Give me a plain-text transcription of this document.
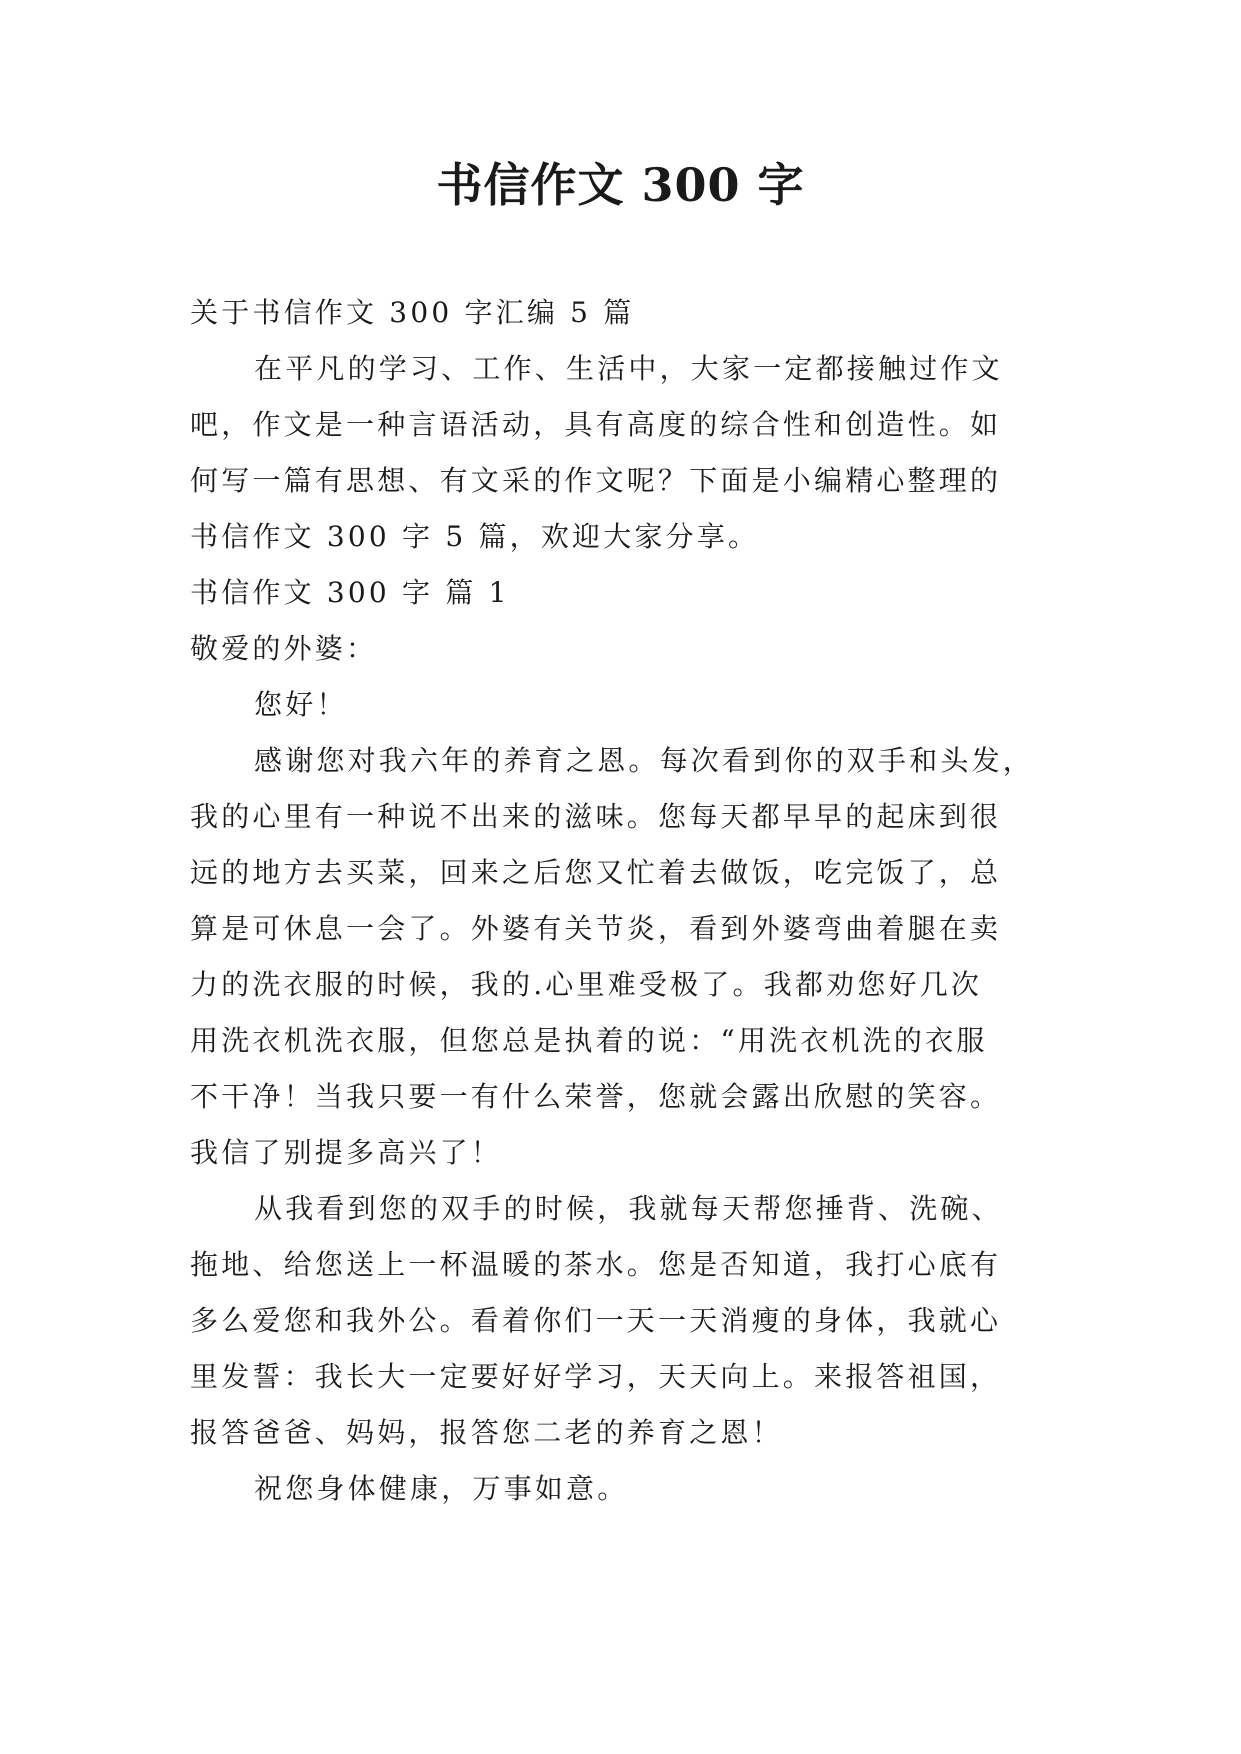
书信作文 300 字
关于书信作文 300 字汇编 5 篇
在平凡的学习、工作、生活中，大家一定都接触过作文
吧，作文是一种言语活动，具有高度的综合性和创造性。如
何写一篇有思想、有文采的作文呢？下面是小编精心整理的
书信作文 300 字 5 篇，欢迎大家分享。
书信作文 300 字 篇 1
敬爱的外婆：
您好！
感谢您对我六年的养育之恩。每次看到你的双手和头发，
我的心里有一种说不出来的滋味。您每天都早早的起床到很
远的地方去买菜，回来之后您又忙着去做饭，吃完饭了，总
算是可休息一会了。外婆有关节炎，看到外婆弯曲着腿在卖
力的洗衣服的时候，我的.心里难受极了。我都劝您好几次
用洗衣机洗衣服，但您总是执着的说：“用洗衣机洗的衣服
不干净！当我只要一有什么荣誉，您就会露出欣慰的笑容。
我信了别提多高兴了！
从我看到您的双手的时候，我就每天帮您捶背、洗碗、
拖地、给您送上一杯温暖的茶水。您是否知道，我打心底有
多么爱您和我外公。看着你们一天一天消瘦的身体，我就心
里发誓：我长大一定要好好学习，天天向上。来报答祖国，
报答爸爸、妈妈，报答您二老的养育之恩！
祝您身体健康，万事如意。
